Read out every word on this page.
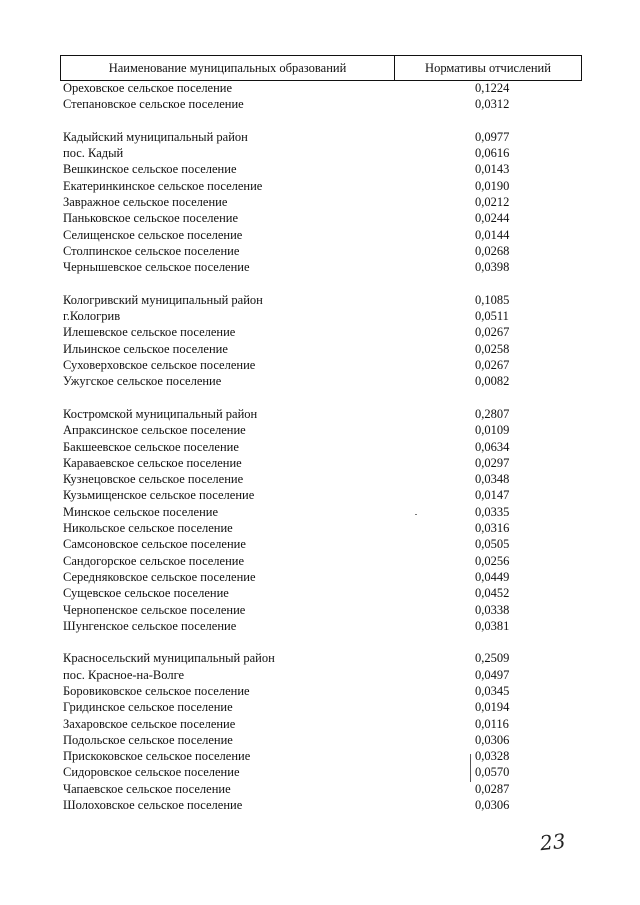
Наименование муниципальных образований	Нормативы отчислений
Ореховское сельское поселение	0,1224
Степановское сельское поселение	0,0312
Кадыйский муниципальный район	0,0977
пос. Кадый	0,0616
Вешкинское сельское поселение	0,0143
Екатеринкинское сельское поселение	0,0190
Завражное сельское поселение	0,0212
Паньковское сельское поселение	0,0244
Селищенское сельское поселение	0,0144
Столпинское сельское поселение	0,0268
Чернышевское сельское поселение	0,0398
Кологривский муниципальный район	0,1085
г.Кологрив	0,0511
Илешевское сельское поселение	0,0267
Ильинское сельское поселение	0,0258
Суховерховское сельское поселение	0,0267
Ужугское сельское поселение	0,0082
Костромской муниципальный район	0,2807
Апраксинское сельское поселение	0,0109
Бакшеевское сельское поселение	0,0634
Караваевское сельское поселение	0,0297
Кузнецовское сельское поселение	0,0348
Кузьмищенское сельское поселение	0,0147
Минское сельское поселение	0,0335
Никольское сельское поселение	0,0316
Самсоновское сельское поселение	0,0505
Сандогорское сельское поселение	0,0256
Середняковское сельское поселение	0,0449
Сущевское сельское поселение	0,0452
Чернопенское сельское поселение	0,0338
Шунгенское сельское поселение	0,0381
Красносельский муниципальный район	0,2509
пос. Красное-на-Волге	0,0497
Боровиковское сельское поселение	0,0345
Гридинское сельское поселение	0,0194
Захаровское сельское поселение	0,0116
Подольское сельское поселение	0,0306
Прискоковское сельское поселение	0,0328
Сидоровское сельское поселение	0,0570
Чапаевское сельское поселение	0,0287
Шолоховское сельское поселение	0,0306
23
